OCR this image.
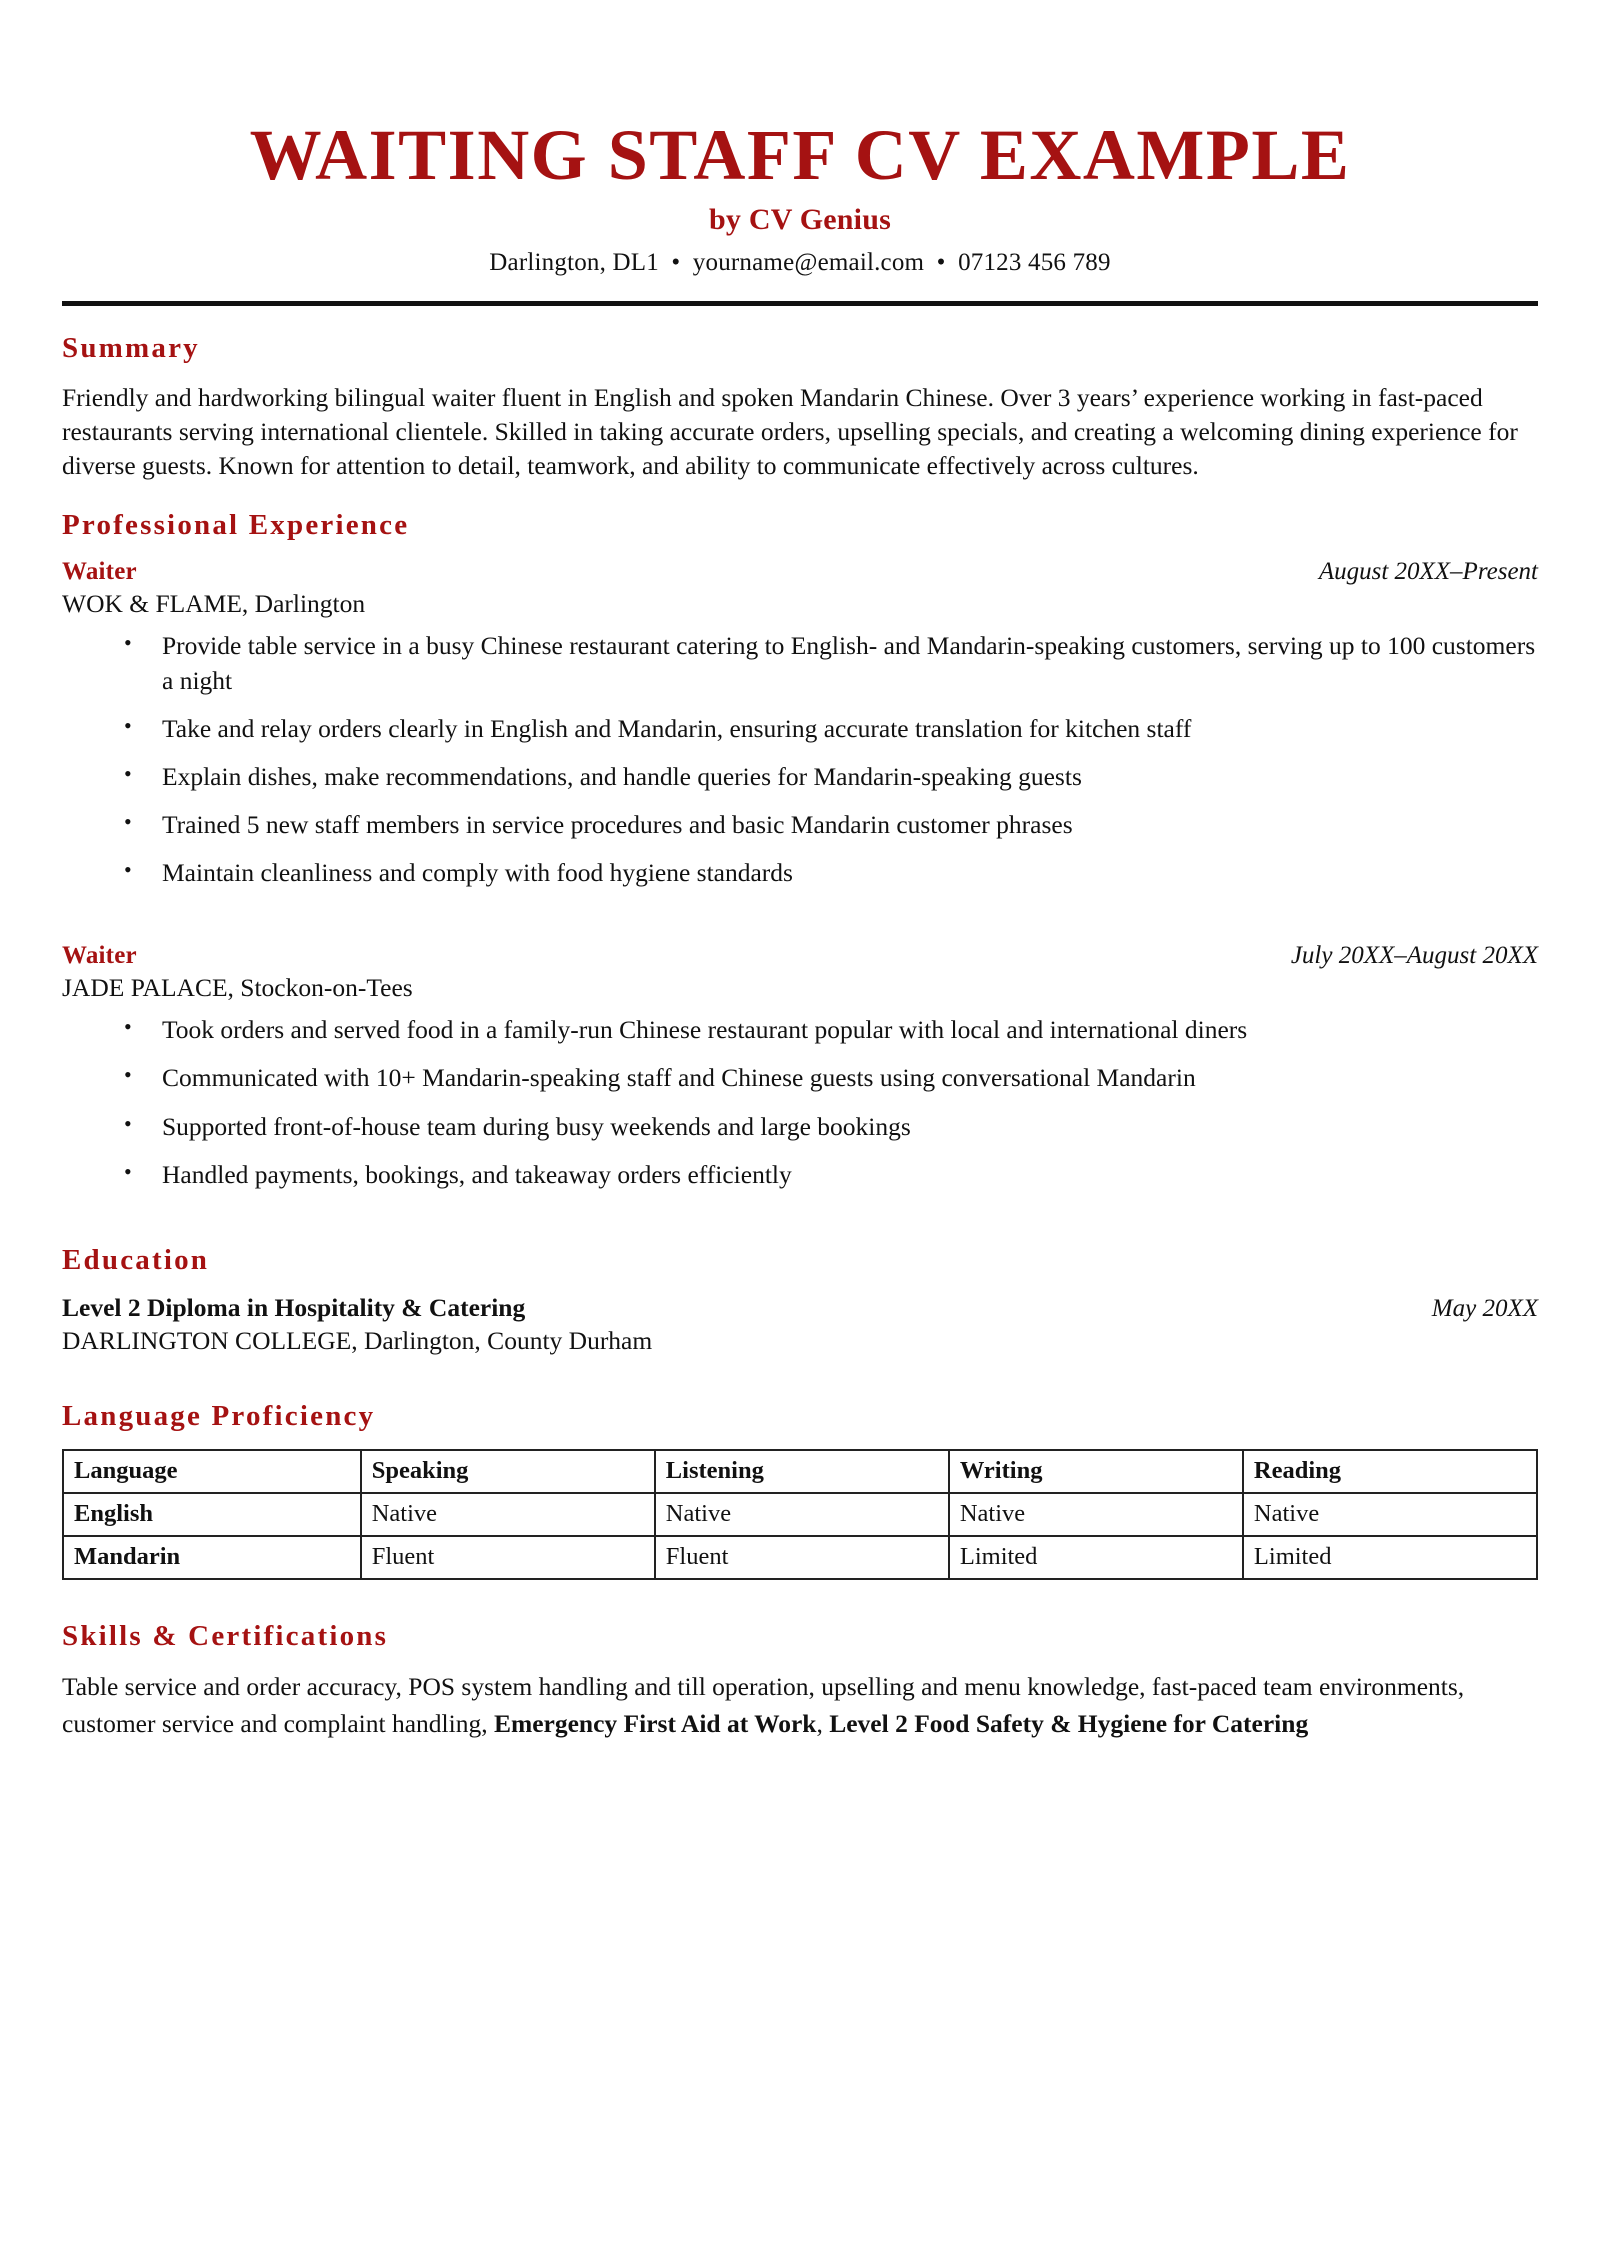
WAITING STAFF CV EXAMPLE
by CV Genius
Darlington, DL1 • yourname@email.com • 07123 456 789
Summary

Friendly and hardworking bilingual waiter fluent in English and spoken Mandarin Chinese. Over 3 years’ experience working in fast-paced restaurants serving international clientele. Skilled in taking accurate orders, upselling specials, and creating a welcoming dining experience for diverse guests. Known for attention to detail, teamwork, and ability to communicate effectively across cultures.

Professional Experience
Waiter	August 20XX–Present
WOK & FLAME, Darlington
• Provide table service in a busy Chinese restaurant catering to English- and Mandarin-speaking customers, serving up to 100 customers a night
• Take and relay orders clearly in English and Mandarin, ensuring accurate translation for kitchen staff
• Explain dishes, make recommendations, and handle queries for Mandarin-speaking guests
• Trained 5 new staff members in service procedures and basic Mandarin customer phrases
• Maintain cleanliness and comply with food hygiene standards
Waiter	July 20XX–August 20XX
JADE PALACE, Stockon-on-Tees
• Took orders and served food in a family-run Chinese restaurant popular with local and international diners
• Communicated with 10+ Mandarin-speaking staff and Chinese guests using conversational Mandarin
• Supported front-of-house team during busy weekends and large bookings
• Handled payments, bookings, and takeaway orders efficiently
Education
Level 2 Diploma in Hospitality & Catering	May 20XX
DARLINGTON COLLEGE, Darlington, County Durham
Language Proficiency
Language	Speaking	Listening	Writing	Reading
English	Native	Native	Native	Native
Mandarin	Fluent	Fluent	Limited	Limited
Skills & Certifications

Table service and order accuracy, POS system handling and till operation, upselling and menu knowledge, fast-paced team environments, customer service and complaint handling, Emergency First Aid at Work, Level 2 Food Safety & Hygiene for Catering
